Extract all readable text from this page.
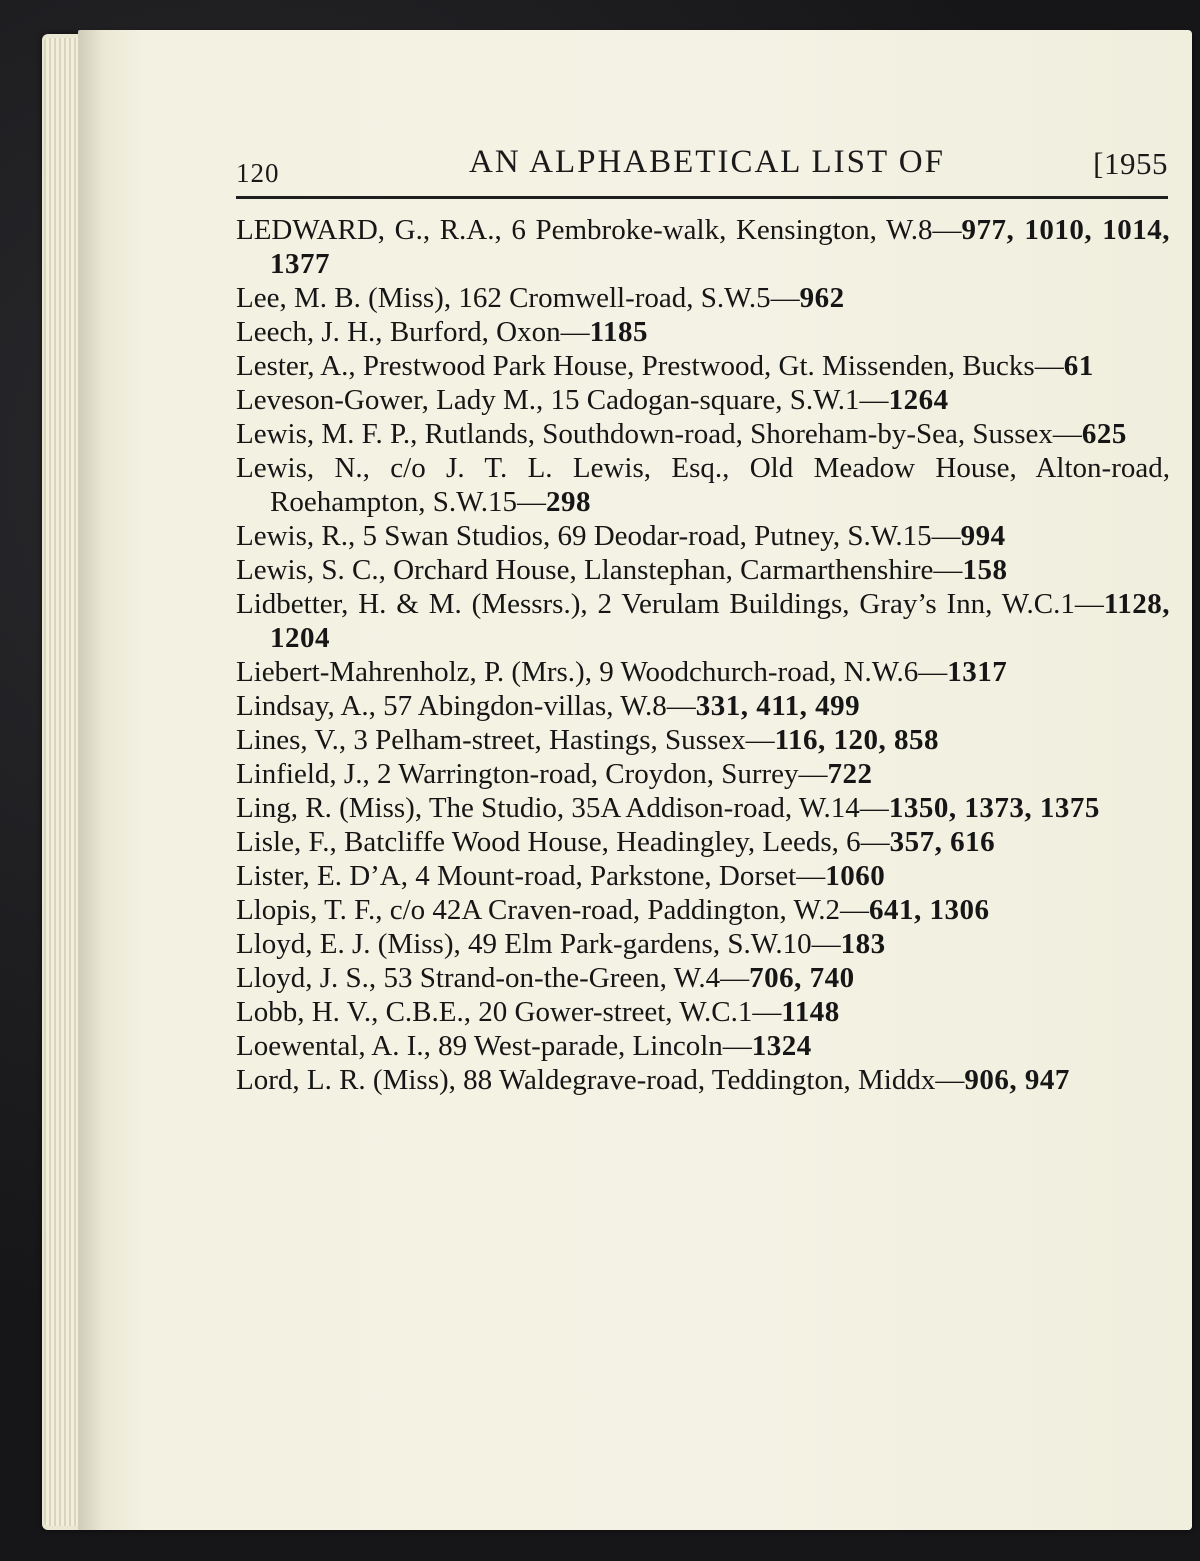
120	AN ALPHABETICAL LIST OF	[1955

LEDWARD, G., R.A., 6 Pembroke-walk, Kensington, W.8—977, 1010, 1014, 1377

Lee, M. B. (Miss), 162 Cromwell-road, S.W.5—962

Leech, J. H., Burford, Oxon—1185

Lester, A., Prestwood Park House, Prestwood, Gt. Missenden, Bucks—61

Leveson-Gower, Lady M., 15 Cadogan-square, S.W.1—1264

Lewis, M. F. P., Rutlands, Southdown-road, Shoreham-by-Sea, Sussex—625

Lewis, N., c/o J. T. L. Lewis, Esq., Old Meadow House, Alton-road, Roehampton, S.W.15—298

Lewis, R., 5 Swan Studios, 69 Deodar-road, Putney, S.W.15—994

Lewis, S. C., Orchard House, Llanstephan, Carmarthenshire—158

Lidbetter, H. & M. (Messrs.), 2 Verulam Buildings, Gray’s Inn, W.C.1—1128, 1204

Liebert-Mahrenholz, P. (Mrs.), 9 Woodchurch-road, N.W.6—1317

Lindsay, A., 57 Abingdon-villas, W.8—331, 411, 499

Lines, V., 3 Pelham-street, Hastings, Sussex—116, 120, 858

Linfield, J., 2 Warrington-road, Croydon, Surrey—722

Ling, R. (Miss), The Studio, 35A Addison-road, W.14—1350, 1373, 1375

Lisle, F., Batcliffe Wood House, Headingley, Leeds, 6—357, 616

Lister, E. D’A, 4 Mount-road, Parkstone, Dorset—1060

Llopis, T. F., c/o 42A Craven-road, Paddington, W.2—641, 1306

Lloyd, E. J. (Miss), 49 Elm Park-gardens, S.W.10—183

Lloyd, J. S., 53 Strand-on-the-Green, W.4—706, 740

Lobb, H. V., C.B.E., 20 Gower-street, W.C.1—1148

Loewental, A. I., 89 West-parade, Lincoln—1324

Lord, L. R. (Miss), 88 Waldegrave-road, Teddington, Middx—906, 947
